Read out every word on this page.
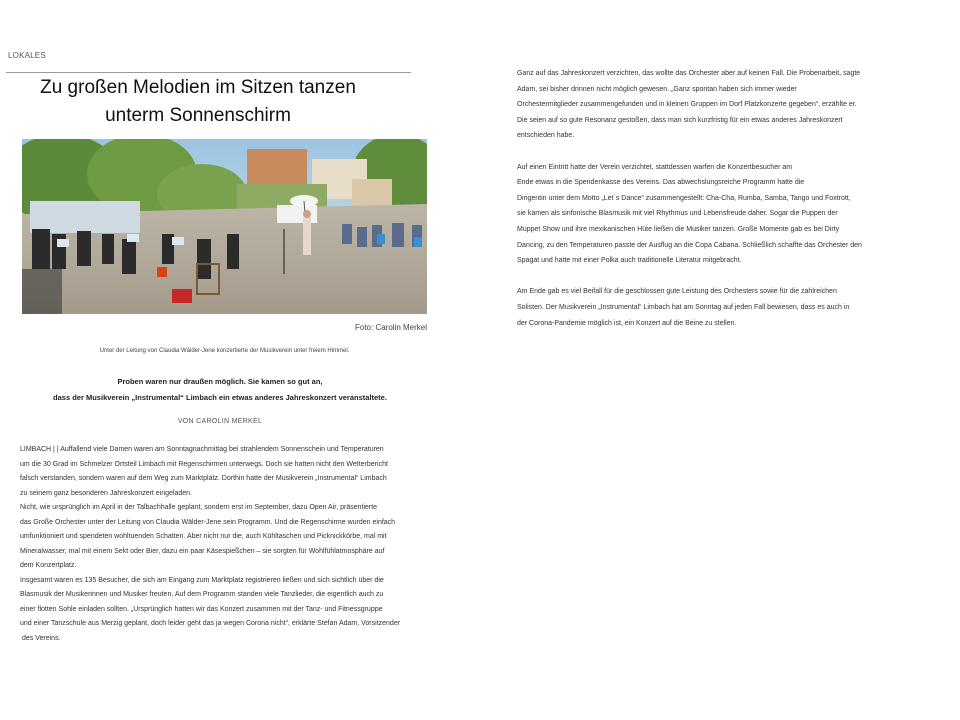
LOKALES
Zu großen Melodien im Sitzen tanzen
unterm Sonnenschirm
Foto: Carolin Merkel
Unter der Leitung von Claudia Wälder-Jene konzertierte der Musikverein unter freiem Himmel.
Proben waren nur draußen möglich. Sie kamen so gut an,
dass der Musikverein „Instrumental“ Limbach ein etwas anderes Jahreskonzert veranstaltete.
VON CAROLIN MERKEL

LIMBACH | | Auffallend viele Damen waren am Sonntagnachmittag bei strahlendem Sonnenschein und Temperaturen

um die 30 Grad im Schmelzer Ortsteil Limbach mit Regenschirmen unterwegs. Doch sie hatten nicht den Wetterbericht

falsch verstanden, sondern waren auf dem Weg zum Marktplatz. Dorthin hatte der Musikverein „Instrumental“ Limbach

zu seinem ganz besonderen Jahreskonzert eingeladen.

Nicht, wie ursprünglich im April in der Talbachhalle geplant, sondern erst im September, dazu Open Air, präsentierte

das Große Orchester unter der Leitung von Claudia Wälder-Jene sein Programm. Und die Regenschirme wurden einfach

umfunktioniert und spendeten wohltuenden Schatten. Aber nicht nur die, auch Kühltaschen und Picknickkörbe, mal mit

Mineralwasser, mal mit einem Sekt oder Bier, dazu ein paar Käsespießchen – sie sorgten für Wohlfühlatmosphäre auf

dem Konzertplatz.

Insgesamt waren es 135 Besucher, die sich am Eingang zum Marktplatz registrieren ließen und sich sichtlich über die

Blasmusik der Musikerinnen und Musiker freuten. Auf dem Programm standen viele Tanzlieder, die eigentlich auch zu

einer flotten Sohle einladen sollten. „Ursprünglich hatten wir das Konzert zusammen mit der Tanz- und Fitnessgruppe

und einer Tanzschule aus Merzig geplant, doch leider geht das ja wegen Corona nicht“, erklärte Stefan Adam, Vorsitzender

des Vereins.

Ganz auf das Jahreskonzert verzichten, das wollte das Orchester aber auf keinen Fall. Die Probenarbeit, sagte

Adam, sei bisher drinnen nicht möglich gewesen. „Ganz spontan haben sich immer wieder

Orchestermitglieder zusammengefunden und in kleinen Gruppen im Dorf Platzkonzerte gegeben“, erzählte er.

Die seien auf so gute Resonanz gestoßen, dass man sich kurzfristig für ein etwas anderes Jahreskonzert

entschieden habe.

Auf einen Eintritt hatte der Verein verzichtet, stattdessen warfen die Konzertbesucher am

Ende etwas in die Spendenkasse des Vereins. Das abwechslungsreiche Programm hatte die

Dirigentin unter dem Motto „Let´s Dance“ zusammengestellt: Cha-Cha, Rumba, Samba, Tango und Foxtrott,

sie kamen als sinfonische Blasmusik mit viel Rhythmus und Lebensfreude daher. Sogar die Puppen der

Muppet Show und ihre mexikanischen Hüte ließen die Musiker tanzen. Große Momente gab es bei Dirty

Dancing, zu den Temperaturen passte der Ausflug an die Copa Cabana. Schließlich schaffte das Orchester den

Spagat und hatte mit einer Polka auch traditionelle Literatur mitgebracht.

Am Ende gab es viel Beifall für die geschlossen gute Leistung des Orchesters sowie für die zahlreichen

Solisten. Der Musikverein „Instrumental“ Limbach hat am Sonntag auf jeden Fall bewiesen, dass es auch in

der Corona-Pandemie möglich ist, ein Konzert auf die Beine zu stellen.
